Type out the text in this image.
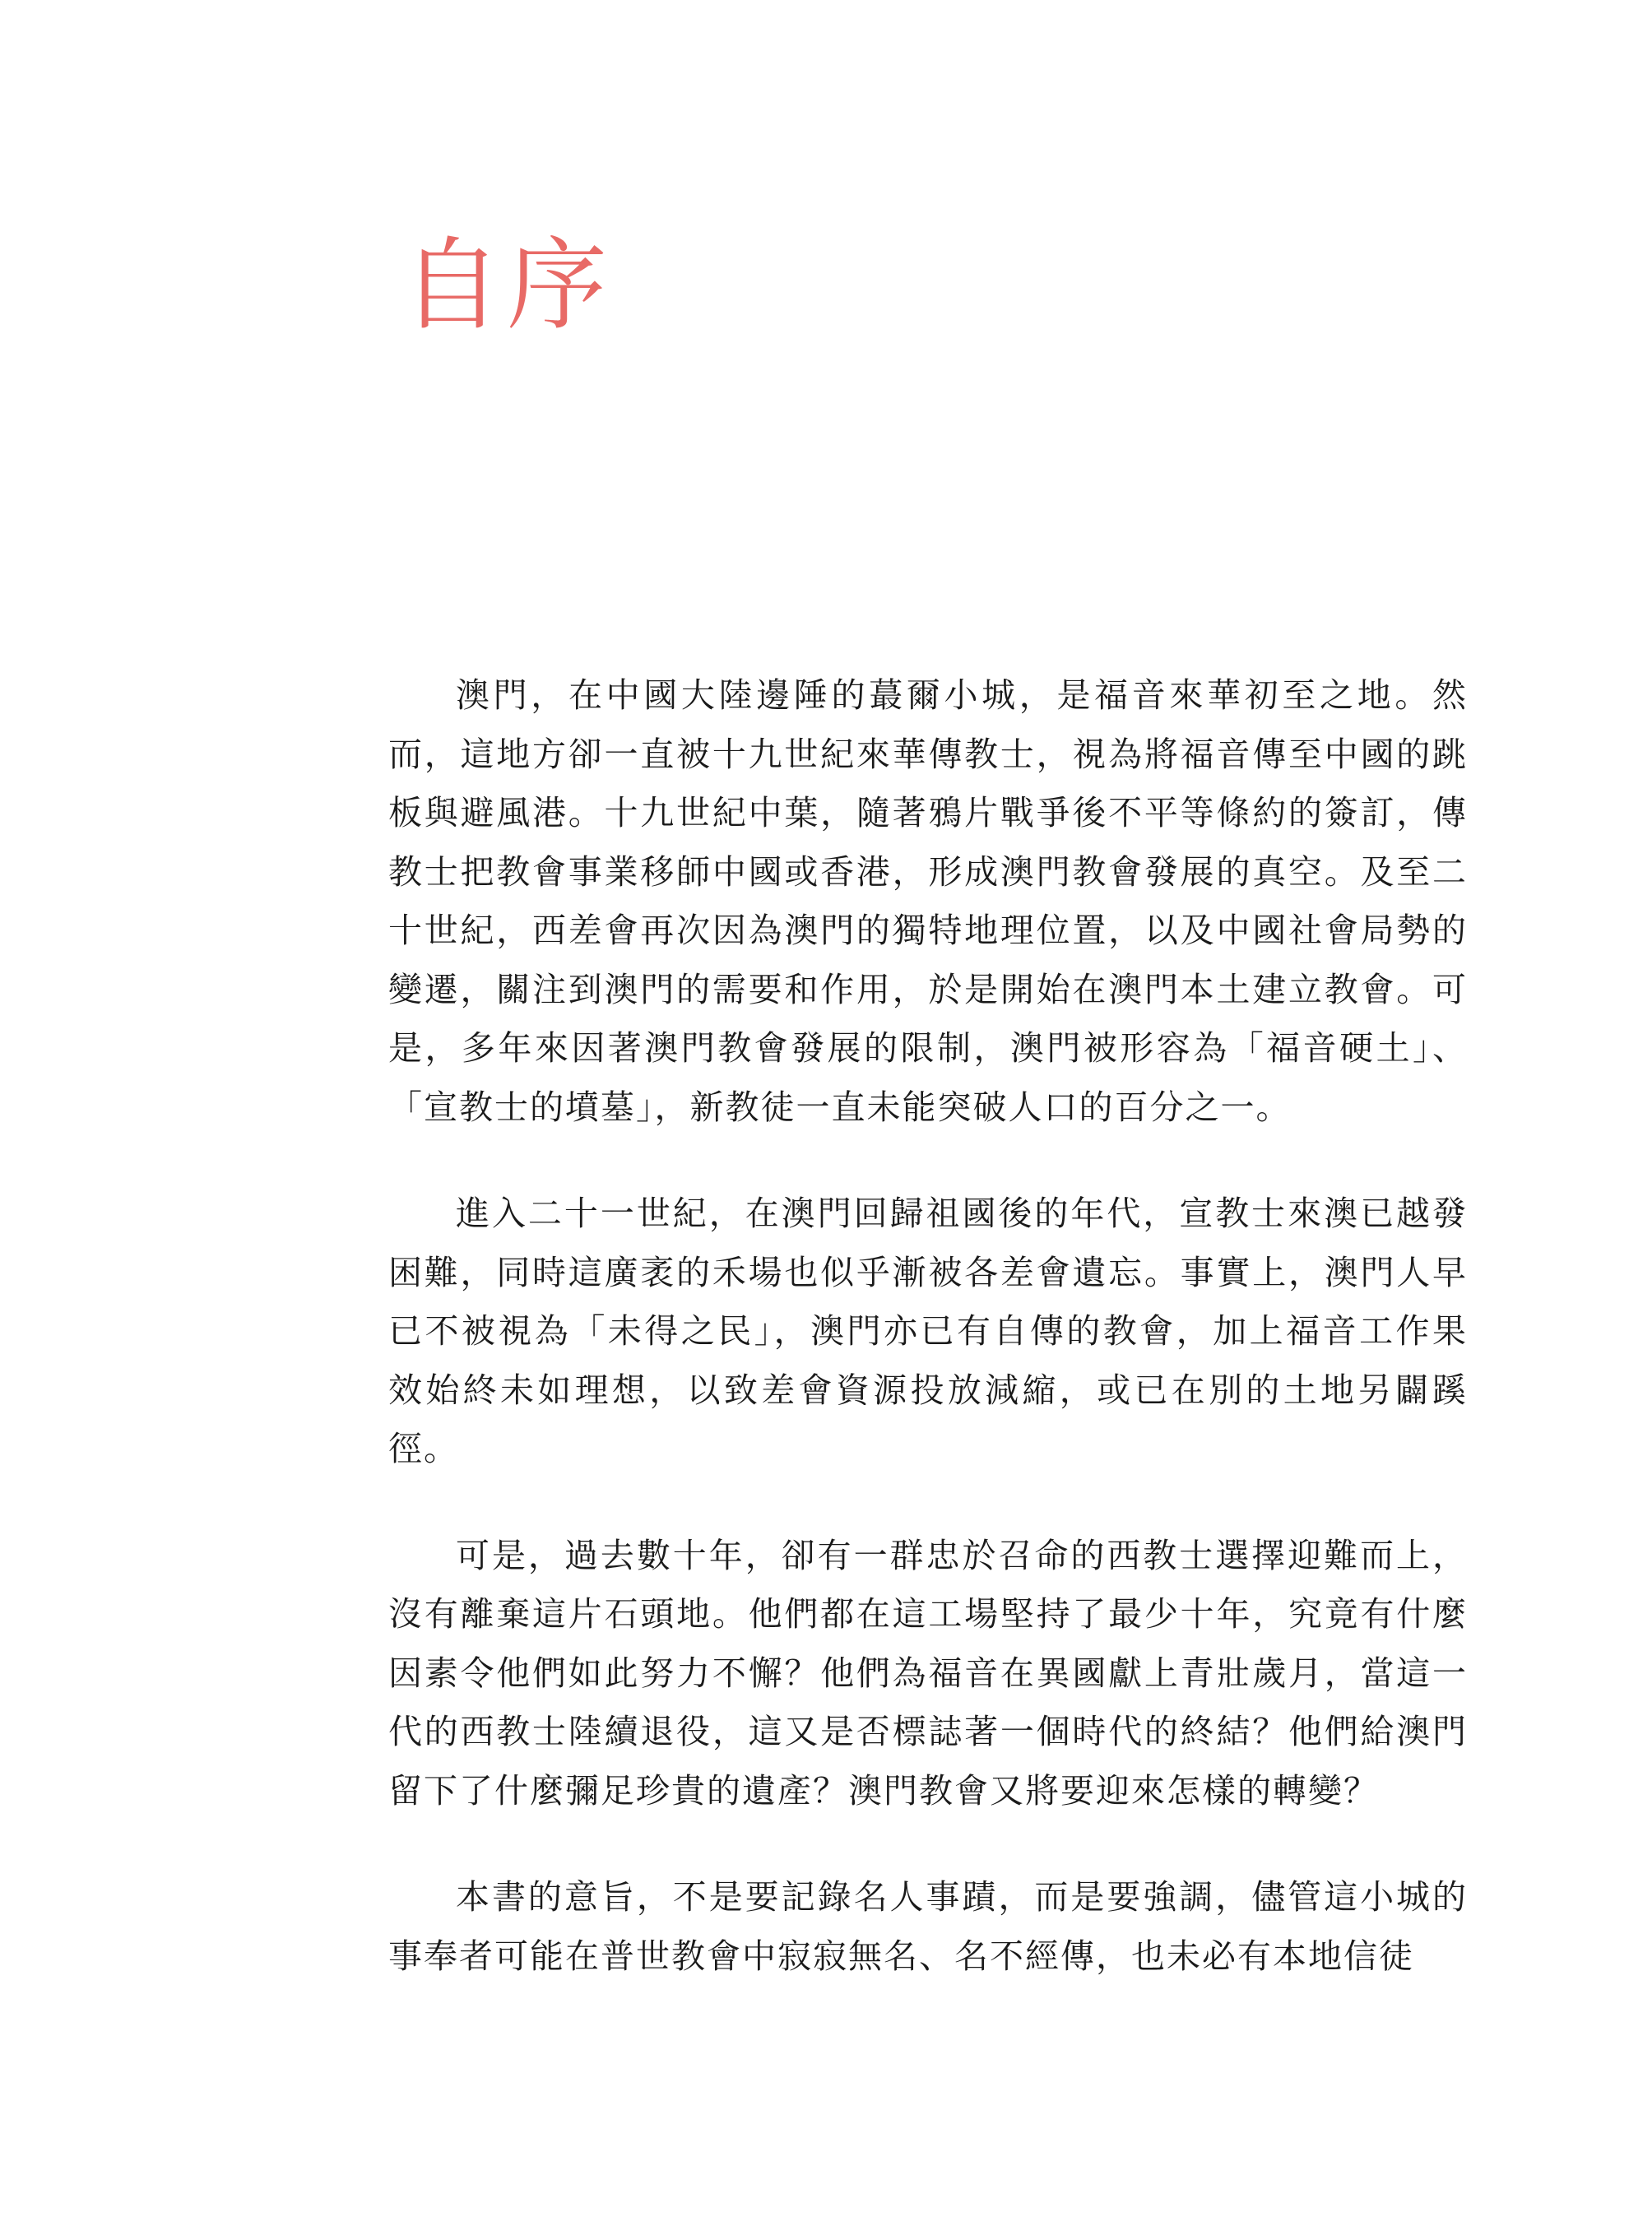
自序

澳門，在中國大陸邊陲的蕞爾小城，是福音來華初至之地。然而，這地方卻一直被十九世紀來華傳教士，視為將福音傳至中國的跳板與避風港。十九世紀中葉，隨著鴉片戰爭後不平等條約的簽訂，傳教士把教會事業移師中國或香港，形成澳門教會發展的真空。及至二十世紀，西差會再次因為澳門的獨特地理位置，以及中國社會局勢的變遷，關注到澳門的需要和作用，於是開始在澳門本土建立教會。可是，多年來因著澳門教會發展的限制，澳門被形容為「福音硬土」、「宣教士的墳墓」，新教徒一直未能突破人口的百分之一。

進入二十一世紀，在澳門回歸祖國後的年代，宣教士來澳已越發困難，同時這廣袤的禾場也似乎漸被各差會遺忘。事實上，澳門人早已不被視為「未得之民」，澳門亦已有自傳的教會，加上福音工作果效始終未如理想，以致差會資源投放減縮，或已在別的土地另闢蹊徑。

可是，過去數十年，卻有一群忠於召命的西教士選擇迎難而上，沒有離棄這片石頭地。他們都在這工場堅持了最少十年，究竟有什麼因素令他們如此努力不懈？他們為福音在異國獻上青壯歲月，當這一代的西教士陸續退役，這又是否標誌著一個時代的終結？他們給澳門留下了什麼彌足珍貴的遺產？澳門教會又將要迎來怎樣的轉變？

本書的意旨，不是要記錄名人事蹟，而是要強調，儘管這小城的事奉者可能在普世教會中寂寂無名、名不經傳，也未必有本地信徒
